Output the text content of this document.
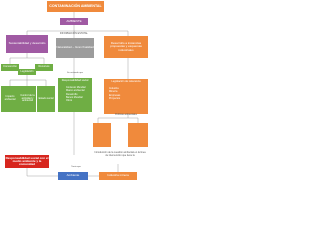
CONTAMINACIÓN AMBIENTAL
AMBIENTE
INFORMACIÓN ESTATAL
Sustentabilidad y desarrollo
Naturalidad – Gran finalidad
Desarrollo a instancias propuestas y esquemas industriales
Convención	Recursos
Legislación
Impacto ambiental
Control de la actividad y ambiental
Estado social
Responsabilidad social
Contexto Mundial
Marco ambiental
Desarrollo
Banco Mundial
Otros
Legislación de relevancia
Industria
Minería
Empresas
Proyectos
Políticas ambientales
Se entiende que
Tanto que
Introducción de la cuestión ambiental en la línea de intervención que tiene la
Responsabilidad social con el medio ambiente y la comunidad
Ambiente	Industria minera
